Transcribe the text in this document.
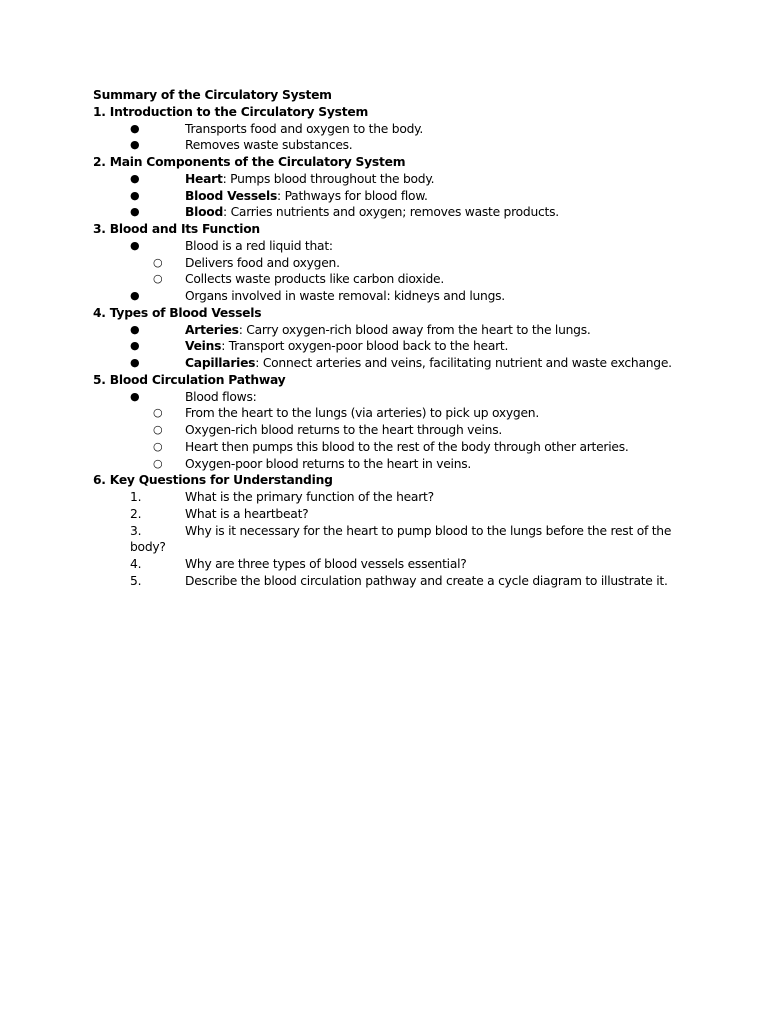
Summary of the Circulatory System
1. Introduction to the Circulatory System
●	Transports food and oxygen to the body.
●	Removes waste substances.
2. Main Components of the Circulatory System
●	Heart: Pumps blood throughout the body.
●	Blood Vessels: Pathways for blood flow.
●	Blood: Carries nutrients and oxygen; removes waste products.
3. Blood and Its Function
●	Blood is a red liquid that:
○	Delivers food and oxygen.
○	Collects waste products like carbon dioxide.
●	Organs involved in waste removal: kidneys and lungs.
4. Types of Blood Vessels
●	Arteries: Carry oxygen-rich blood away from the heart to the lungs.
●	Veins: Transport oxygen-poor blood back to the heart.
●	Capillaries: Connect arteries and veins, facilitating nutrient and waste exchange.
5. Blood Circulation Pathway
●	Blood flows:
○	From the heart to the lungs (via arteries) to pick up oxygen.
○	Oxygen-rich blood returns to the heart through veins.
○	Heart then pumps this blood to the rest of the body through other arteries.
○	Oxygen-poor blood returns to the heart in veins.
6. Key Questions for Understanding
1.	What is the primary function of the heart?
2.	What is a heartbeat?
3.	Why is it necessary for the heart to pump blood to the lungs before the rest of the body?
4.	Why are three types of blood vessels essential?
5.	Describe the blood circulation pathway and create a cycle diagram to illustrate it.
